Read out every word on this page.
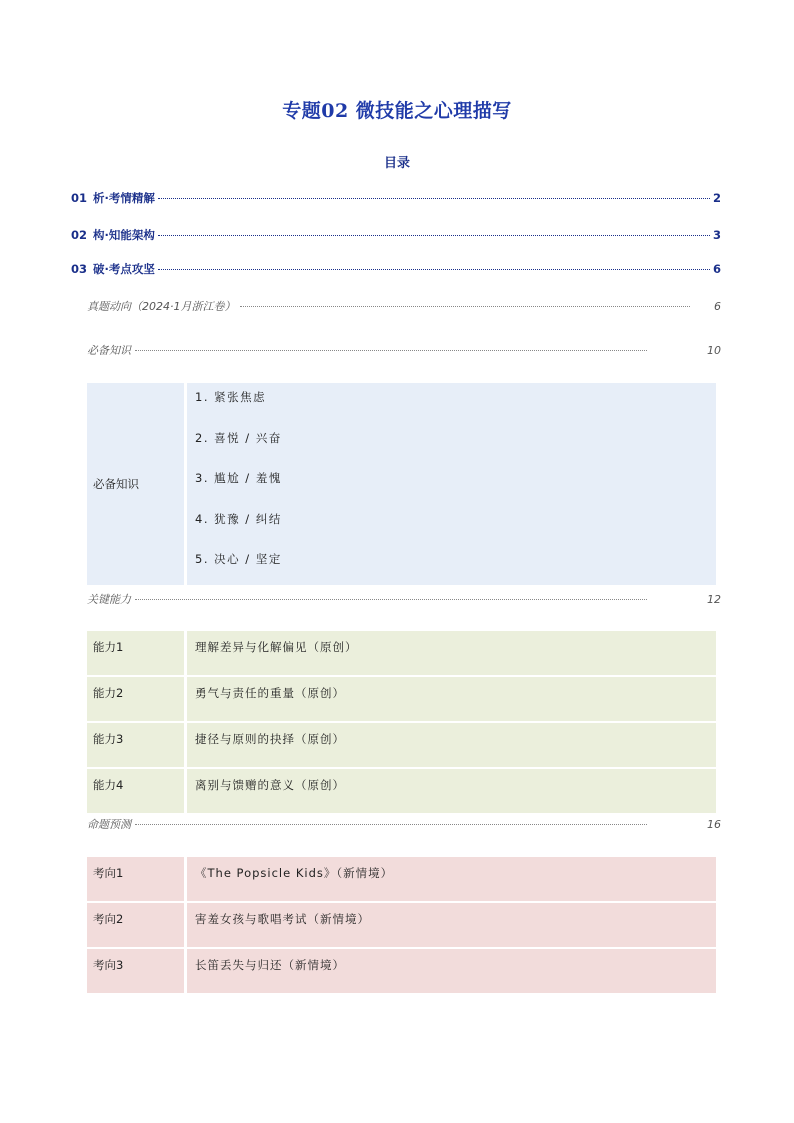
专题02 微技能之心理描写
目录
01 析·考情精解	2
02 构·知能架构	3
03 破·考点攻坚	6
真题动向（2024·1月浙江卷）	6
必备知识	10
必备知识
1. 紧张焦虑
2. 喜悦 / 兴奋
3. 尴尬 / 羞愧
4. 犹豫 / 纠结
5. 决心 / 坚定
关键能力	12
能力1	理解差异与化解偏见（原创）
能力2	勇气与责任的重量（原创）
能力3	捷径与原则的抉择（原创）
能力4	离别与馈赠的意义（原创）
命题预测	16
考向1	《The Popsicle Kids》（新情境）
考向2	害羞女孩与歌唱考试（新情境）
考向3	长笛丢失与归还（新情境）
